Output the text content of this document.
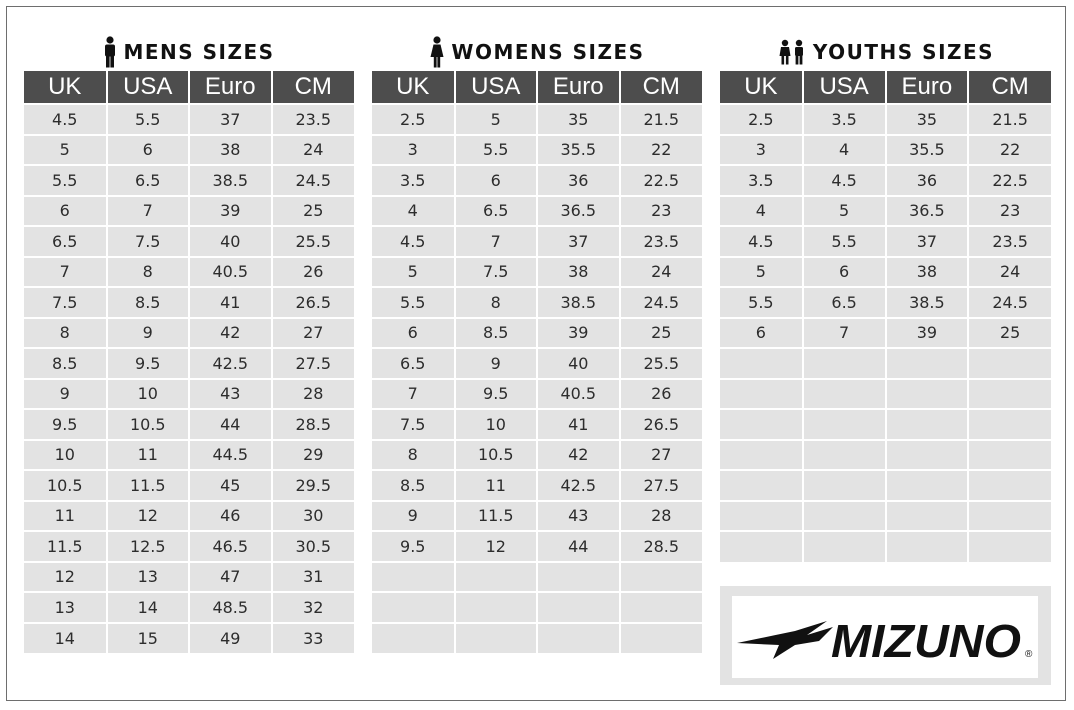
MENS SIZES
UK	USA	Euro	CM
4.5	5.5	37	23.5
5	6	38	24
5.5	6.5	38.5	24.5
6	7	39	25
6.5	7.5	40	25.5
7	8	40.5	26
7.5	8.5	41	26.5
8	9	42	27
8.5	9.5	42.5	27.5
9	10	43	28
9.5	10.5	44	28.5
10	11	44.5	29
10.5	11.5	45	29.5
11	12	46	30
11.5	12.5	46.5	30.5
12	13	47	31
13	14	48.5	32
14	15	49	33
WOMENS SIZES
UK	USA	Euro	CM
2.5	5	35	21.5
3	5.5	35.5	22
3.5	6	36	22.5
4	6.5	36.5	23
4.5	7	37	23.5
5	7.5	38	24
5.5	8	38.5	24.5
6	8.5	39	25
6.5	9	40	25.5
7	9.5	40.5	26
7.5	10	41	26.5
8	10.5	42	27
8.5	11	42.5	27.5
9	11.5	43	28
9.5	12	44	28.5

YOUTHS SIZES
UK	USA	Euro	CM
2.5	3.5	35	21.5
3	4	35.5	22
3.5	4.5	36	22.5
4	5	36.5	23
4.5	5.5	37	23.5
5	6	38	24
5.5	6.5	38.5	24.5
6	7	39	25

MIZUNO ®
